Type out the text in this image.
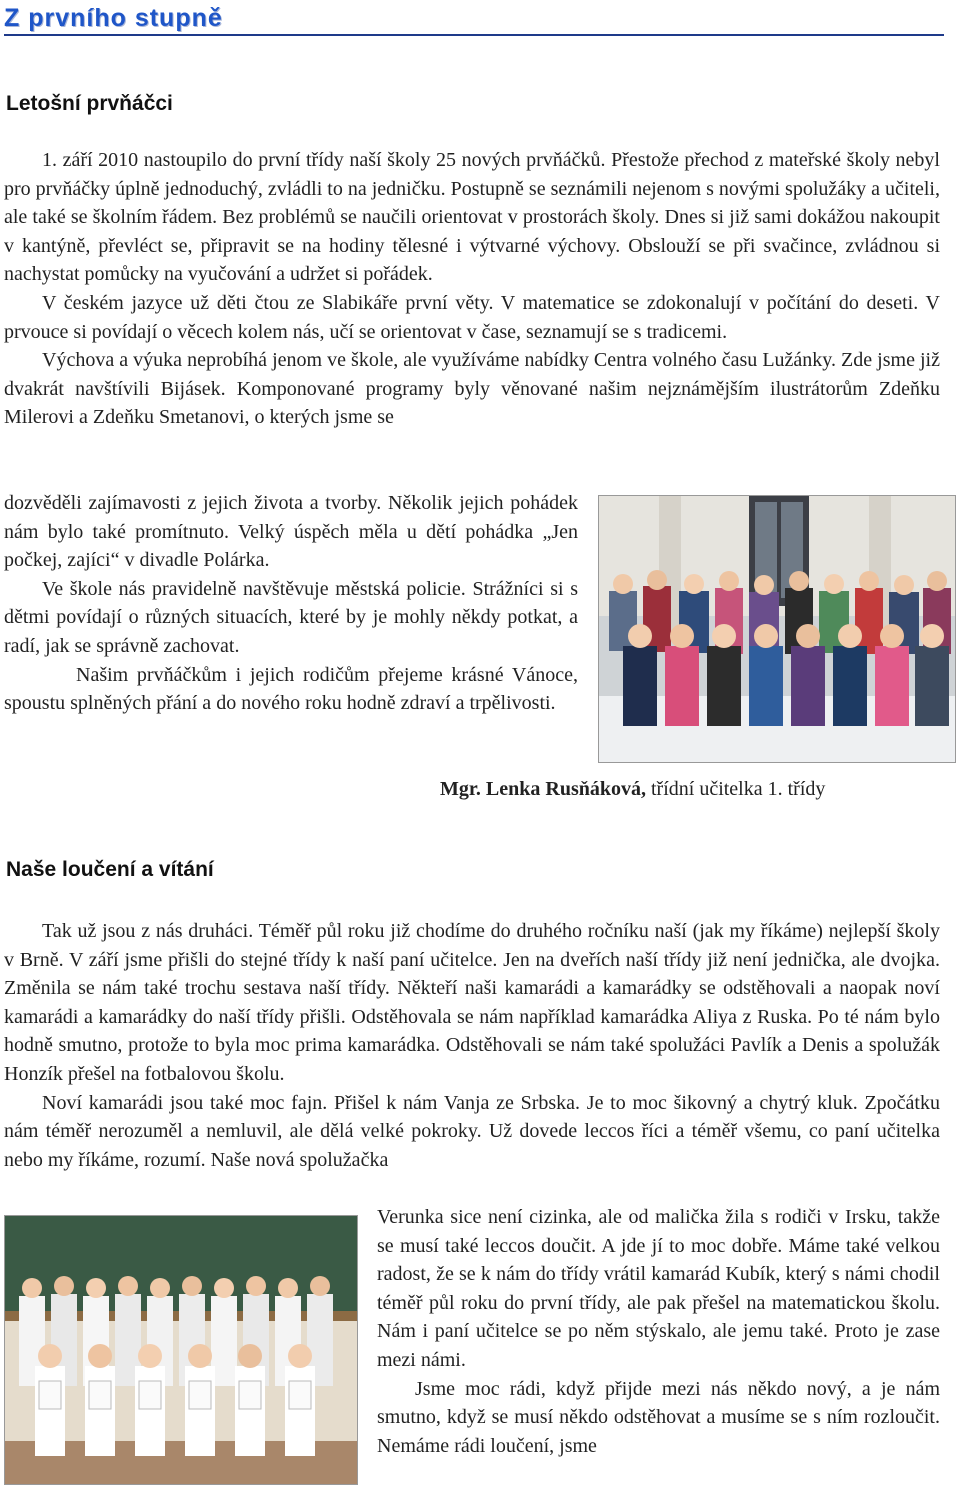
Z prvního stupně
Letošní prvňáčci

1. září 2010 nastoupilo do první třídy naší školy 25 nových prvňáčků. Přestože přechod z mateřské školy nebyl pro prvňáčky úplně jednoduchý, zvládli to na jedničku. Postupně se seznámili nejenom s novými spolužáky a učiteli, ale také se školním řádem. Bez problémů se naučili orientovat v prostorách školy. Dnes si již sami dokážou nakoupit v kantýně, převléct se, připravit se na hodiny tělesné i výtvarné výchovy. Obslouží se při svačince, zvládnou si nachystat pomůcky na vyučování a udržet si pořádek.

V českém jazyce už děti čtou ze Slabikáře první věty. V matematice se zdokonalují v počítání do deseti. V prvouce si povídají o věcech kolem nás, učí se orientovat v čase, seznamují se s tradicemi.

Výchova a výuka neprobíhá jenom ve škole, ale využíváme nabídky Centra volného času Lužánky. Zde jsme již dvakrát navštívili Bijásek. Komponované programy byly věnované našim nejznámějším ilustrátorům Zdeňku Milerovi a Zdeňku Smetanovi, o kterých jsme se

dozvěděli zajímavosti z jejich života a tvorby. Několik jejich pohádek nám bylo také promítnuto. Velký úspěch měla u dětí pohádka „Jen počkej, zajíci“ v divadle Polárka.

Ve škole nás pravidelně navštěvuje městská policie. Strážníci si s dětmi povídají o různých situacích, které by je mohly někdy potkat, a radí, jak se správně zachovat.

Našim prvňáčkům i jejich rodičům přejeme krásné Vánoce, spoustu splněných přání a do nového roku hodně zdraví a trpělivosti.

Mgr. Lenka Rusňáková, třídní učitelka 1. třídy
Naše loučení a vítání

Tak už jsou z nás druháci. Téměř půl roku již chodíme do druhého ročníku naší (jak my říkáme) nejlepší školy v Brně. V září jsme přišli do stejné třídy k naší paní učitelce. Jen na dveřích naší třídy již není jednička, ale dvojka. Změnila se nám také trochu sestava naší třídy. Někteří naši kamarádi a kamarádky se odstěhovali a naopak noví kamarádi a kamarádky do naší třídy přišli. Odstěhovala se nám například kamarádka Aliya z Ruska. Po té nám bylo hodně smutno, protože to byla moc prima kamarádka. Odstěhovali se nám také spolužáci Pavlík a Denis a spolužák Honzík přešel na fotbalovou školu.

Noví kamarádi jsou také moc fajn. Přišel k nám Vanja ze Srbska. Je to moc šikovný a chytrý kluk. Zpočátku nám téměř nerozuměl a nemluvil, ale dělá velké pokroky. Už dovede leccos říci a téměř všemu, co paní učitelka nebo my říkáme, rozumí. Naše nová spolužačka

Verunka sice není cizinka, ale od malička žila s rodiči v Irsku, takže se musí také leccos doučit. A jde jí to moc dobře. Máme také velkou radost, že se k nám do třídy vrátil kamarád Kubík, který s námi chodil téměř půl roku do první třídy, ale pak přešel na matematickou školu. Nám i paní učitelce se po něm stýskalo, ale jemu také. Proto je zase mezi námi.

Jsme moc rádi, když přijde mezi nás někdo nový, a je nám smutno, když se musí někdo odstěhovat a musíme se s ním rozloučit. Nemáme rádi loučení, jsme
